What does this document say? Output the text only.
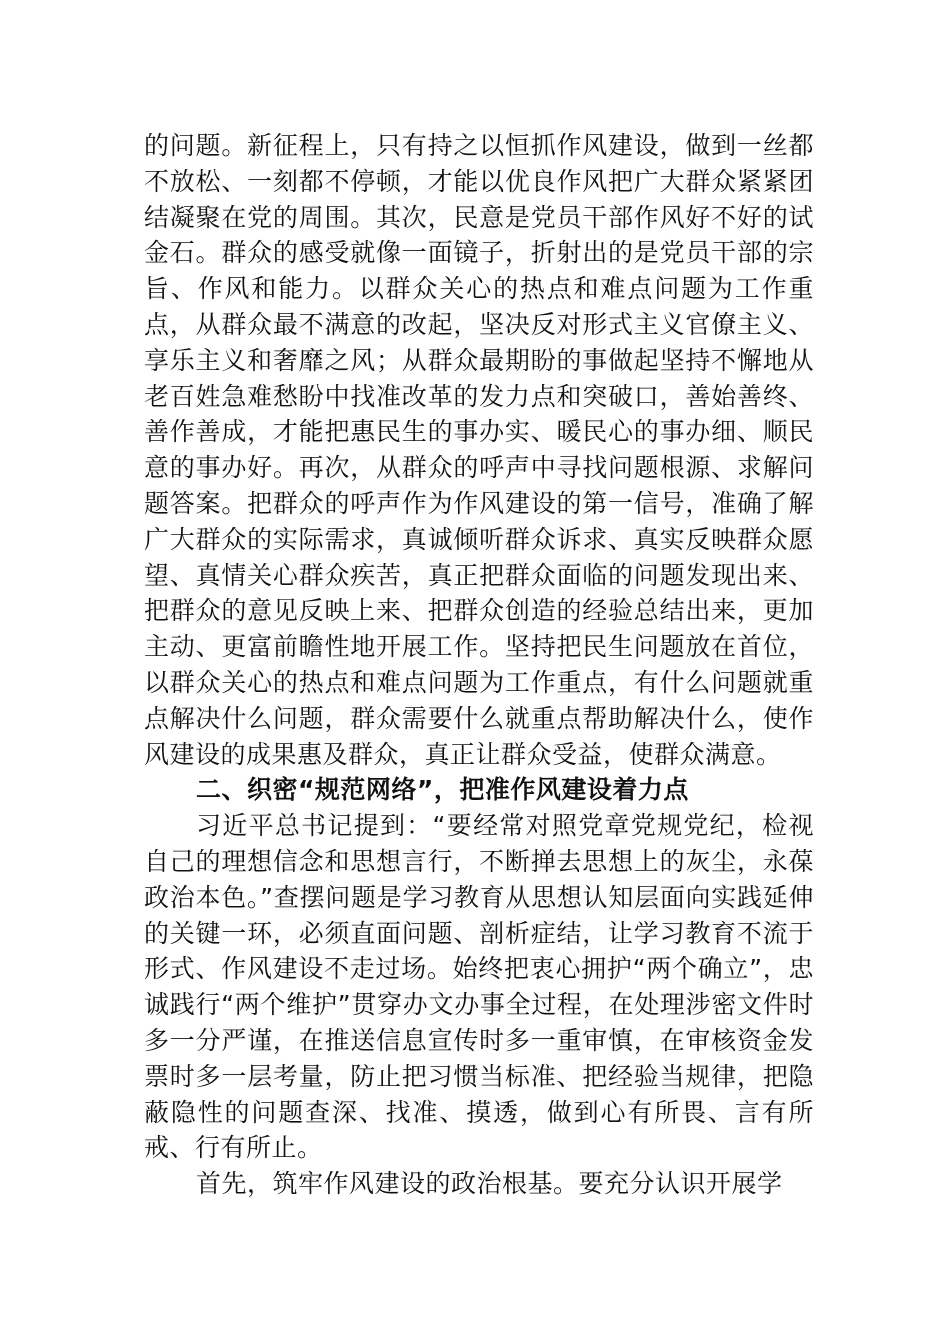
的问题。新征程上，只有持之以恒抓作风建设，做到一丝都不放松、一刻都不停顿，才能以优良作风把广大群众紧紧团结凝聚在党的周围。其次，民意是党员干部作风好不好的试金石。群众的感受就像一面镜子，折射出的是党员干部的宗旨、作风和能力。以群众关心的热点和难点问题为工作重点，从群众最不满意的改起，坚决反对形式主义官僚主义、享乐主义和奢靡之风；从群众最期盼的事做起坚持不懈地从老百姓急难愁盼中找准改革的发力点和突破口，善始善终、善作善成，才能把惠民生的事办实、暖民心的事办细、顺民意的事办好。再次，从群众的呼声中寻找问题根源、求解问题答案。把群众的呼声作为作风建设的第一信号，准确了解广大群众的实际需求，真诚倾听群众诉求、真实反映群众愿望、真情关心群众疾苦，真正把群众面临的问题发现出来、把群众的意见反映上来、把群众创造的经验总结出来，更加主动、更富前瞻性地开展工作。坚持把民生问题放在首位，以群众关心的热点和难点问题为工作重点，有什么问题就重点解决什么问题，群众需要什么就重点帮助解决什么，使作风建设的成果惠及群众，真正让群众受益，使群众满意。

二、织密“规范网络”，把准作风建设着力点

习近平总书记提到：“要经常对照党章党规党纪，检视自己的理想信念和思想言行，不断掸去思想上的灰尘，永葆政治本色。”查摆问题是学习教育从思想认知层面向实践延伸的关键一环，必须直面问题、剖析症结，让学习教育不流于形式、作风建设不走过场。始终把衷心拥护“两个确立”，忠诚践行“两个维护”贯穿办文办事全过程，在处理涉密文件时多一分严谨，在推送信息宣传时多一重审慎，在审核资金发票时多一层考量，防止把习惯当标准、把经验当规律，把隐蔽隐性的问题查深、找准、摸透，做到心有所畏、言有所戒、行有所止。

首先，筑牢作风建设的政治根基。要充分认识开展学
